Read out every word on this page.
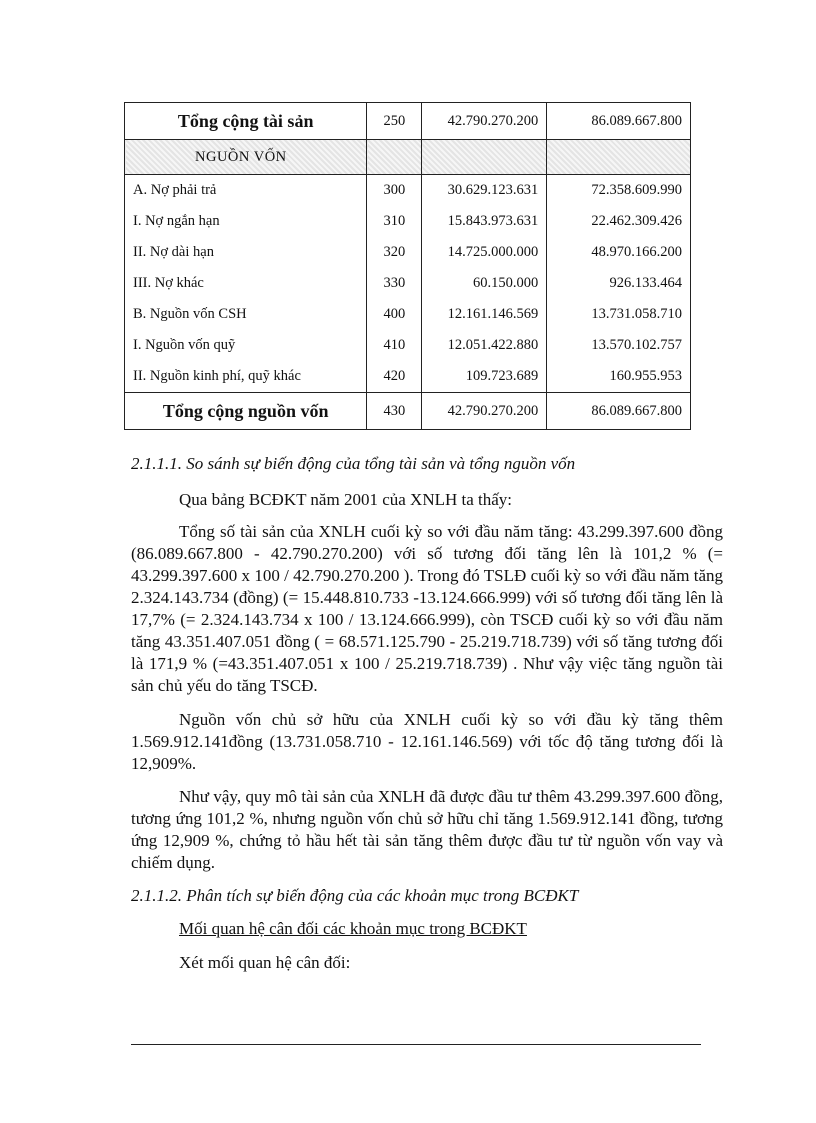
Tổng cộng tài sản	250	42.790.270.200	86.089.667.800
NGUỒN VỐN			
A. Nợ phải trả	300	30.629.123.631	72.358.609.990
I. Nợ ngắn hạn	310	15.843.973.631	22.462.309.426
II. Nợ dài hạn	320	14.725.000.000	48.970.166.200
III. Nợ khác	330	60.150.000	926.133.464
B. Nguồn vốn CSH	400	12.161.146.569	13.731.058.710
I. Nguồn vốn quỹ	410	12.051.422.880	13.570.102.757
II. Nguồn kinh phí, quỹ khác	420	109.723.689	160.955.953
Tổng cộng nguồn vốn	430	42.790.270.200	86.089.667.800
2.1.1.1. So sánh sự biến động của tổng tài sản và tổng nguồn vốn
Qua bảng BCĐKT năm 2001 của XNLH ta thấy:
Tổng số tài sản của XNLH cuối kỳ so với đầu năm tăng: 43.299.397.600 đồng (86.089.667.800 - 42.790.270.200) với số tương đối tăng lên là 101,2 % (= 43.299.397.600 x 100 / 42.790.270.200 ). Trong đó TSLĐ cuối kỳ so với đầu năm tăng 2.324.143.734 (đồng) (= 15.448.810.733 -13.124.666.999) với số tương đối tăng lên là 17,7% (= 2.324.143.734 x 100 / 13.124.666.999), còn TSCĐ cuối kỳ so với đầu năm tăng 43.351.407.051 đồng ( = 68.571.125.790 - 25.219.718.739) với số tăng tương đối là 171,9 % (=43.351.407.051 x 100 / 25.219.718.739) . Như vậy việc tăng nguồn tài sản chủ yếu do tăng TSCĐ.
Nguồn vốn chủ sở hữu của XNLH cuối kỳ so với đầu kỳ tăng thêm 1.569.912.141đồng (13.731.058.710 - 12.161.146.569) với tốc độ tăng tương đối là 12,909%.
Như vậy, quy mô tài sản của XNLH đã được đầu tư thêm 43.299.397.600 đồng, tương ứng 101,2 %, nhưng nguồn vốn chủ sở hữu chỉ tăng 1.569.912.141 đồng, tương ứng 12,909 %, chứng tỏ hầu hết tài sản tăng thêm được đầu tư từ nguồn vốn vay và chiếm dụng.
2.1.1.2. Phân tích sự biến động của các khoản mục trong BCĐKT
Mối quan hệ cân đối các khoản mục trong BCĐKT
Xét mối quan hệ cân đối:
